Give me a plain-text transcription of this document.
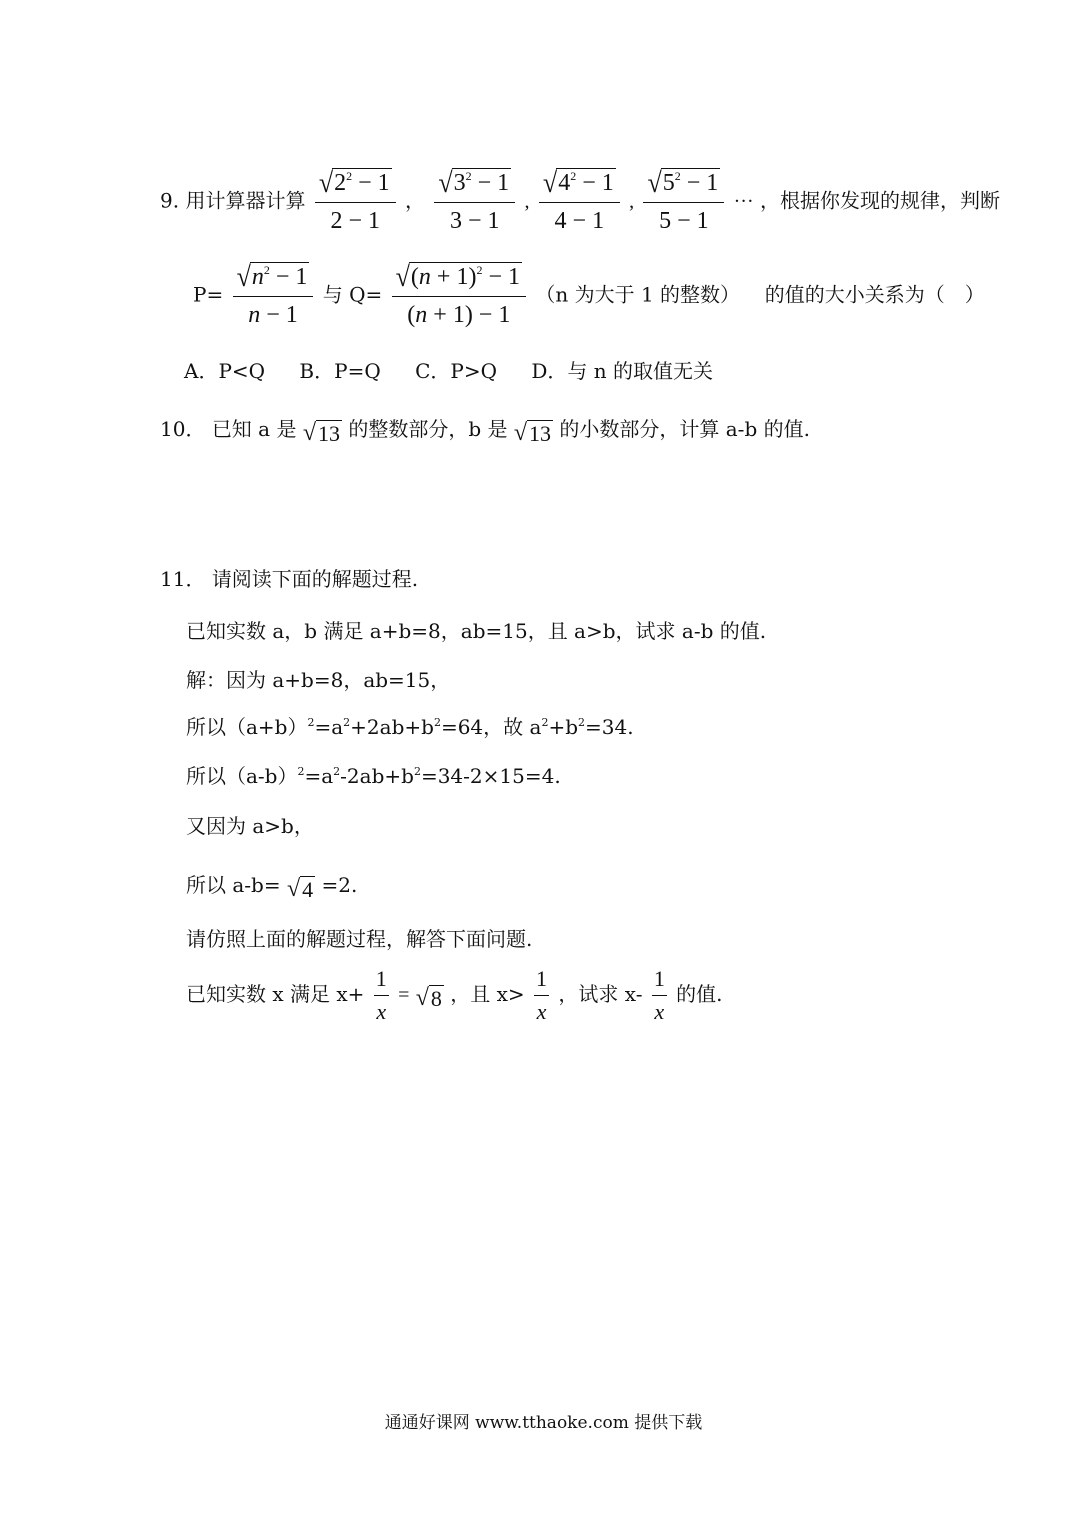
9. 用计算器计算 $\frac{√ 2^2 - 1}{2 - 1}$ ， $\frac{√ 3^2 - 1}{3 - 1}$ , $\frac{√ 4^2 - 1}{4 - 1}$ , $\frac{√ 5^2 - 1}{5 - 1}$ ··· ，根据你发现的规律，判断
$P= \frac{√ n^2 - 1}{n - 1}$ 与 $Q= \frac{√ (n + 1)^2 - 1}{(n + 1) - 1} (n$ 为大于 1 的整数） 的值的大小关系为（　）
A．P<Q B．P=Q C．P>Q D．与 n 的取值无关
10． 已知 a 是 √ 13 的整数部分，b 是 √ 13 的小数部分，计算 a-b 的值.
11． 请阅读下面的解题过程.
已知实数 a，b 满足 a+b=8，ab=15，且 a>b，试求 a-b 的值.
解：因为 a+b=8，ab=15，
所以$(a+b)^2=a^2+2ab+b^2=64$，故 $a^2+b^2=34$.
所以$(a-b)^2=a^2-2ab+b^2=34-2\times 15=4$.
又因为 a>b，
所以 a-b= √ 4 =2.
请仿照上面的解题过程，解答下面问题.
已知实数 x 满足 $x+ \frac{1}{x}$ = √ 8 ，且 $x> \frac{1}{x}$ ，试求 $x- \frac{1}{x}$ 的值.
通通好课网 www.tthaoke.com 提供下载
